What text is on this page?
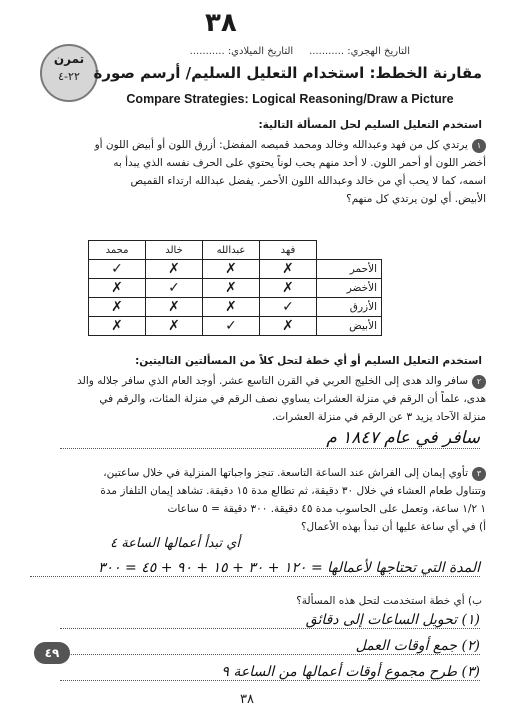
٣٨
التاريخ الهجري: ...........     التاريخ الميلادي: ...........
تمرن
٢٢-٤ مقارنة الخطط: استخدام التعليل السليم/ أرسم صورة
Compare Strategies: Logical Reasoning/Draw a Picture
استخدم التعليل السليم لحل المسألة التالية:
١يرتدي كل من فهد وعبدالله وخالد ومحمد قميصه المفضل: أزرق اللون أو أبيض اللون أو
أخضر اللون أو أحمر اللون. لا أحد منهم يحب لوناً يحتوي على الحرف نفسه الذي يبدأ به
اسمه، كما لا يحب أي من خالد وعبدالله اللون الأحمر. يفضل عبدالله ارتداء القميص
الأبيض. أي لون يرتدي كل منهم؟
	فهد	عبدالله	خالد	محمد
الأحمر	✗	✗	✗	✓
الأخضر	✗	✗	✓	✗
الأزرق	✓	✗	✗	✗
الأبيض	✗	✓	✗	✗
استخدم التعليل السليم أو أي خطة لتحل كلاً من المسألتين التاليتين:
٢سافر والد هدى إلى الخليج العربي في القرن التاسع عشر. أوجد العام الذي سافر جلاله والد
هدى، علماً أن الرقم في منزلة العشرات يساوي نصف الرقم في منزلة المئات، والرقم في
منزلة الآحاد يزيد ٣ عن الرقم في منزلة العشرات.
سافر في عام ١٨٤٧ م
٣تأوي إيمان إلى الفراش عند الساعة التاسعة. تنجز واجباتها المنزلية في خلال ساعتين،
وتتناول طعام العشاء في خلال ٣٠ دقيقة، ثم تطالع مدة ١٥ دقيقة. تشاهد إيمان التلفاز مدة
١ ١/٢ ساعة، وتعمل على الحاسوب مدة ٤٥ دقيقة. ٣٠٠ دقيقة = ٥ ساعات
أ) في أي ساعة عليها أن تبدأ بهذه الأعمال؟
أي تبدأ أعمالها الساعة ٤
المدة التي تحتاجها لأعمالها = ١٢٠ + ٣٠ + ١٥ + ٩٠ + ٤٥ = ٣٠٠
ب) أي خطة استخدمت لتحل هذه المسألة؟
(١) تحويل الساعات إلى دقائق
(٢) جمع أوقات العمل
(٣) طرح مجموع أوقات أعمالها من الساعة ٩
٤٩
٣٨
